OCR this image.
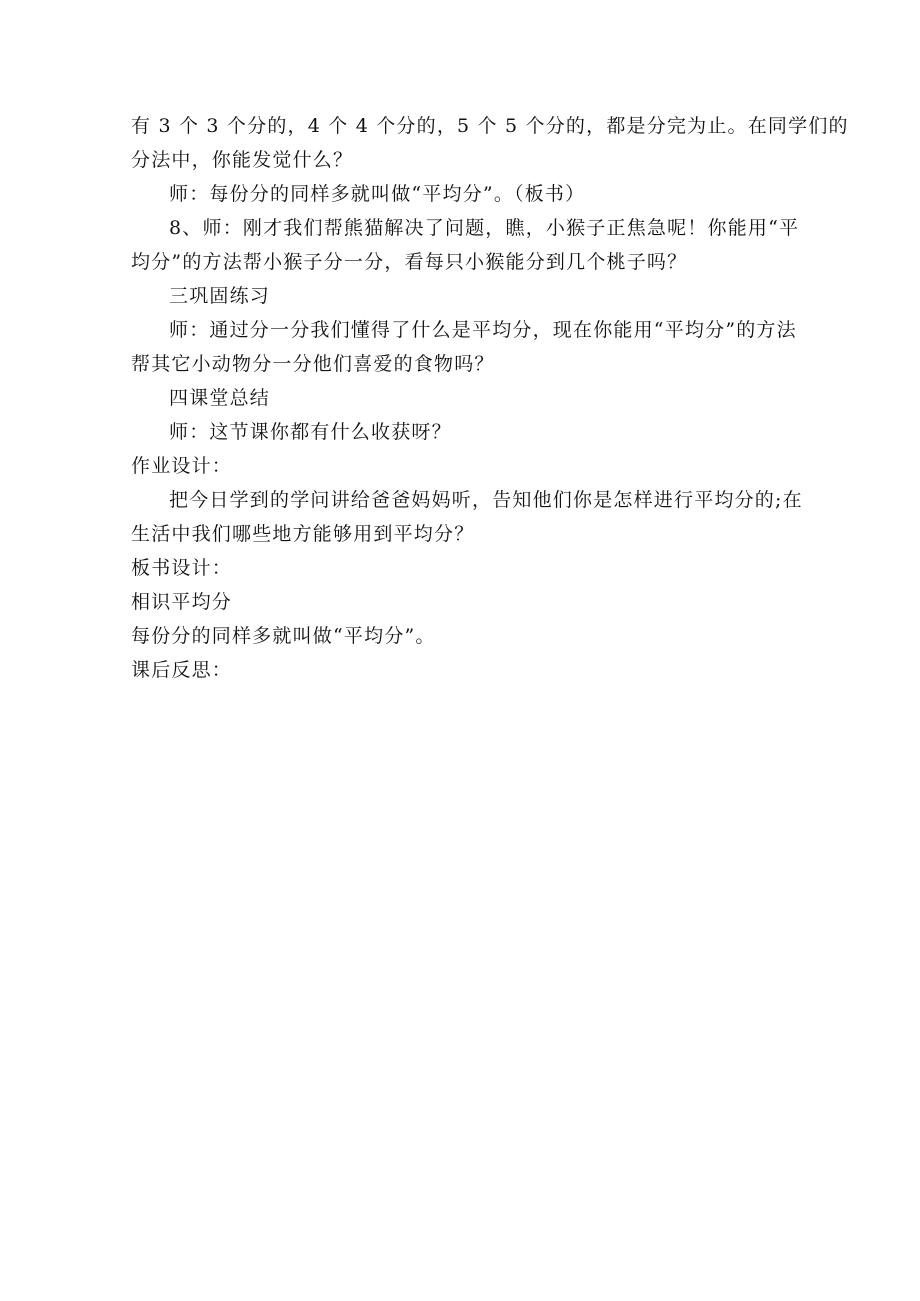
有 3 个 3 个分的，4 个 4 个分的，5 个 5 个分的，都是分完为止。在同学们的
分法中，你能发觉什么？
师：每份分的同样多就叫做“平均分”。（板书）
8、师：刚才我们帮熊猫解决了问题，瞧，小猴子正焦急呢！你能用“平
均分”的方法帮小猴子分一分，看每只小猴能分到几个桃子吗？
三巩固练习
师：通过分一分我们懂得了什么是平均分，现在你能用“平均分”的方法
帮其它小动物分一分他们喜爱的食物吗？
四课堂总结
师：这节课你都有什么收获呀？
作业设计：
把今日学到的学问讲给爸爸妈妈听，告知他们你是怎样进行平均分的;在
生活中我们哪些地方能够用到平均分？
板书设计：
相识平均分
每份分的同样多就叫做“平均分”。
课后反思：
